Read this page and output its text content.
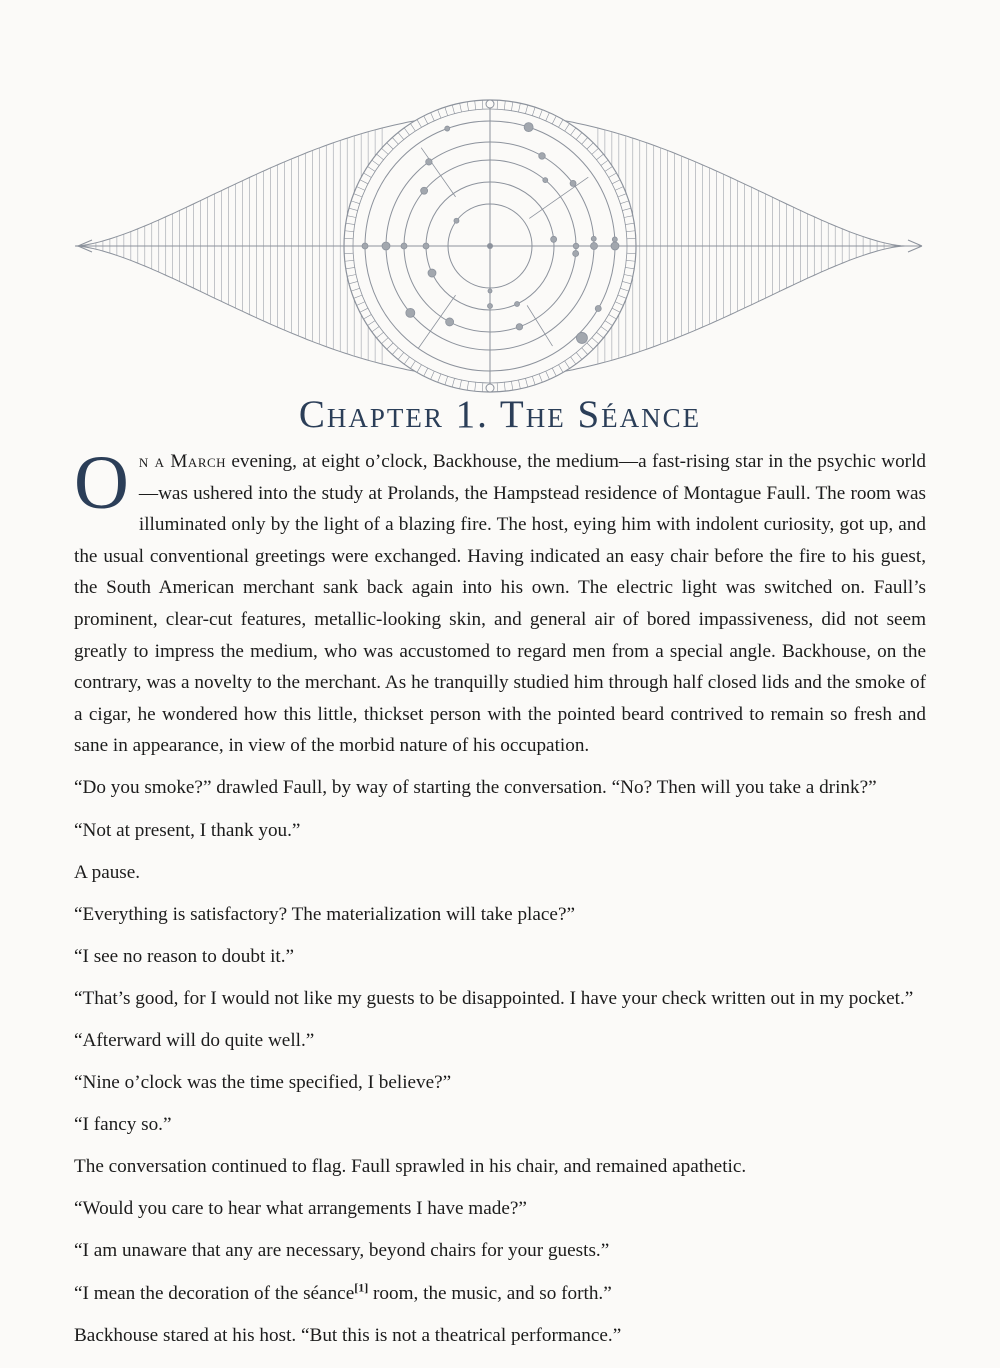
Chapter 1. The Séance

On a March evening, at eight o’clock, Backhouse, the medium—a fast-rising star in the psychic world—was ushered into the study at Prolands, the Hampstead residence of Montague Faull. The room was illuminated only by the light of a blazing fire. The host, eying him with indolent curiosity, got up, and the usual conventional greetings were exchanged. Having indicated an easy chair before the fire to his guest, the South American merchant sank back again into his own. The electric light was switched on. Faull’s prominent, clear-cut features, metallic-looking skin, and general air of bored impassiveness, did not seem greatly to impress the medium, who was accustomed to regard men from a special angle. Backhouse, on the contrary, was a novelty to the merchant. As he tranquilly studied him through half closed lids and the smoke of a cigar, he wondered how this little, thickset person with the pointed beard contrived to remain so fresh and sane in appearance, in view of the morbid nature of his occupation.

“Do you smoke?” drawled Faull, by way of starting the conversation. “No? Then will you take a drink?”

“Not at present, I thank you.”

A pause.

“Everything is satisfactory? The materialization will take place?”

“I see no reason to doubt it.”

“That’s good, for I would not like my guests to be disappointed. I have your check written out in my pocket.”

“Afterward will do quite well.”

“Nine o’clock was the time specified, I believe?”

“I fancy so.”

The conversation continued to flag. Faull sprawled in his chair, and remained apathetic.

“Would you care to hear what arrangements I have made?”

“I am unaware that any are necessary, beyond chairs for your guests.”

“I mean the decoration of the séance[1] room, the music, and so forth.”

Backhouse stared at his host. “But this is not a theatrical performance.”
